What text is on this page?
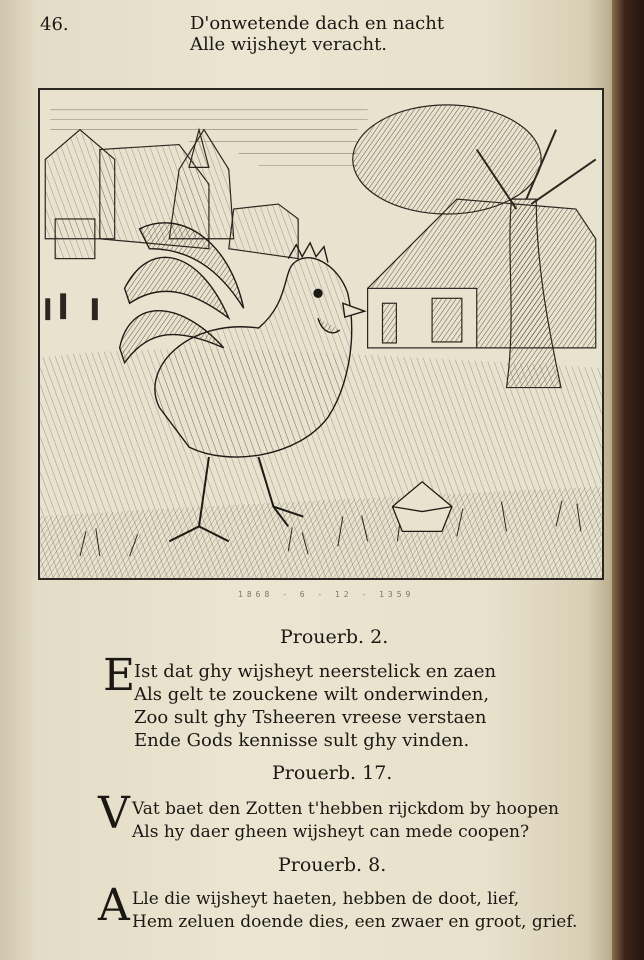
46.	D'onwetende dach en nacht
Alle wijsheyt veracht.
1868 - 6 - 12 - 1359
Prouerb. 2.
E
Ist dat ghy wijsheyt neerstelick en zaen
Als gelt te zouckene wilt onderwinden,
Zoo sult ghy Tsheeren vreese verstaen
Ende Gods kennisse sult ghy vinden.
Prouerb. 17.
V Vat baet den Zotten t'hebben rijckdom by hoopen
Als hy daer gheen wijsheyt can mede coopen?
Prouerb. 8.
A Lle die wijsheyt haeten, hebben de doot, lief,
Hem zeluen doende dies, een zwaer en groot, grief.
